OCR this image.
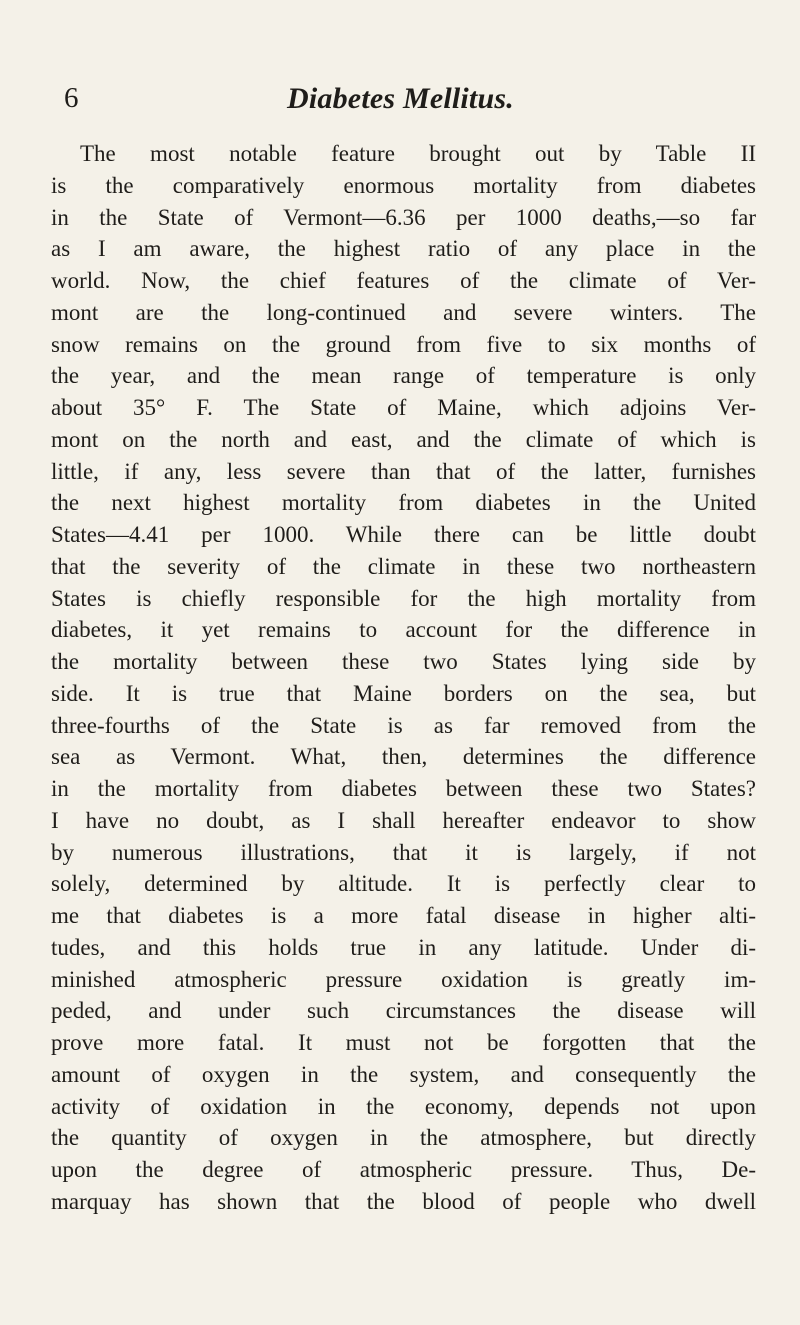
6	Diabetes Mellitus.
The most notable feature brought out by Table II
is the comparatively enormous mortality from diabetes
in the State of Vermont—6.36 per 1000 deaths,—so far
as I am aware, the highest ratio of any place in the
world. Now, the chief features of the climate of Ver-
mont are the long-continued and severe winters. The
snow remains on the ground from five to six months of
the year, and the mean range of temperature is only
about 35° F. The State of Maine, which adjoins Ver-
mont on the north and east, and the climate of which is
little, if any, less severe than that of the latter, furnishes
the next highest mortality from diabetes in the United
States—4.41 per 1000. While there can be little doubt
that the severity of the climate in these two northeastern
States is chiefly responsible for the high mortality from
diabetes, it yet remains to account for the difference in
the mortality between these two States lying side by
side. It is true that Maine borders on the sea, but
three-fourths of the State is as far removed from the
sea as Vermont. What, then, determines the difference
in the mortality from diabetes between these two States?
I have no doubt, as I shall hereafter endeavor to show
by numerous illustrations, that it is largely, if not
solely, determined by altitude. It is perfectly clear to
me that diabetes is a more fatal disease in higher alti-
tudes, and this holds true in any latitude. Under di-
minished atmospheric pressure oxidation is greatly im-
peded, and under such circumstances the disease will
prove more fatal. It must not be forgotten that the
amount of oxygen in the system, and consequently the
activity of oxidation in the economy, depends not upon
the quantity of oxygen in the atmosphere, but directly
upon the degree of atmospheric pressure. Thus, De-
marquay has shown that the blood of people who dwell
